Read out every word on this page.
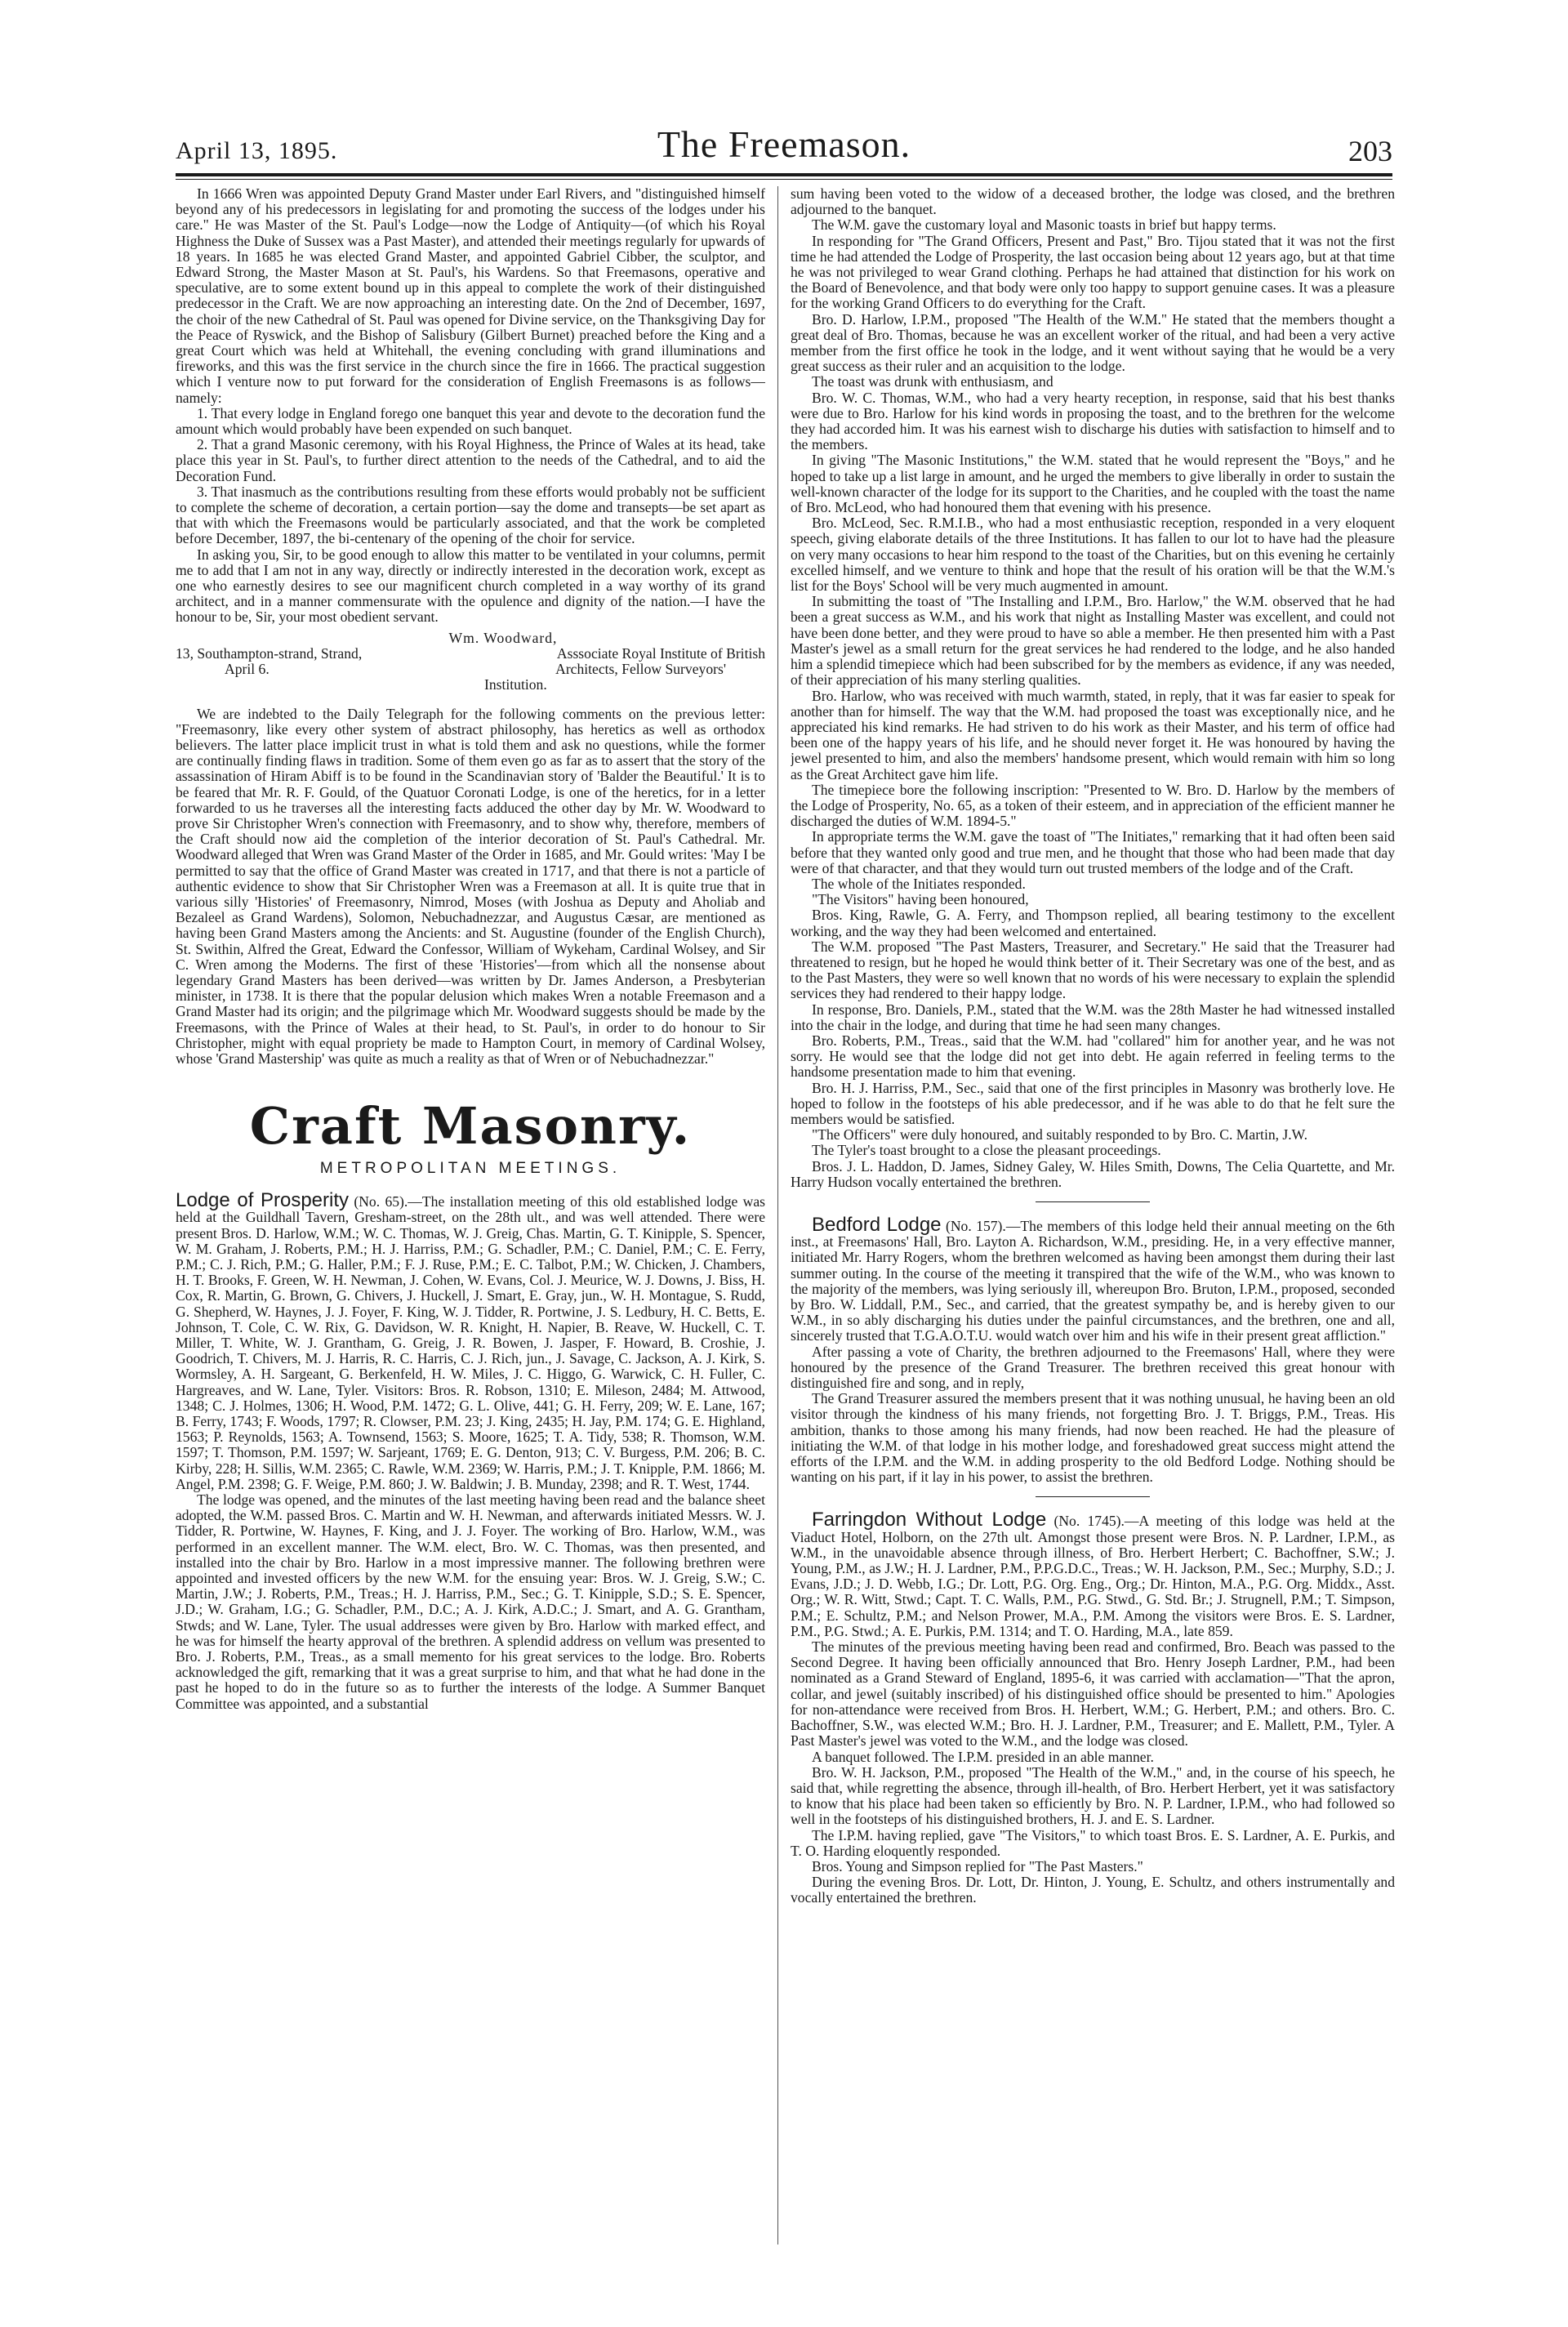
April 13, 1895.	The Freemason.	203

In 1666 Wren was appointed Deputy Grand Master under Earl Rivers, and "distinguished himself beyond any of his predecessors in legislating for and promoting the success of the lodges under his care." He was Master of the St. Paul's Lodge—now the Lodge of Antiquity—(of which his Royal Highness the Duke of Sussex was a Past Master), and attended their meetings regularly for upwards of 18 years. In 1685 he was elected Grand Master, and appointed Gabriel Cibber, the sculptor, and Edward Strong, the Master Mason at St. Paul's, his Wardens. So that Freemasons, operative and speculative, are to some extent bound up in this appeal to complete the work of their distinguished predecessor in the Craft. We are now approaching an interesting date. On the 2nd of December, 1697, the choir of the new Cathedral of St. Paul was opened for Divine service, on the Thanksgiving Day for the Peace of Ryswick, and the Bishop of Salisbury (Gilbert Burnet) preached before the King and a great Court which was held at Whitehall, the evening concluding with grand illuminations and fireworks, and this was the first service in the church since the fire in 1666. The practical suggestion which I venture now to put forward for the consideration of English Freemasons is as follows—namely:

1. That every lodge in England forego one banquet this year and devote to the decoration fund the amount which would probably have been expended on such banquet.

2. That a grand Masonic ceremony, with his Royal Highness, the Prince of Wales at its head, take place this year in St. Paul's, to further direct attention to the needs of the Cathedral, and to aid the Decoration Fund.

3. That inasmuch as the contributions resulting from these efforts would probably not be sufficient to complete the scheme of decoration, a certain portion—say the dome and transepts—be set apart as that with which the Freemasons would be particularly associated, and that the work be completed before December, 1897, the bi-centenary of the opening of the choir for service.

In asking you, Sir, to be good enough to allow this matter to be ventilated in your columns, permit me to add that I am not in any way, directly or indirectly interested in the decoration work, except as one who earnestly desires to see our magnificent church completed in a way worthy of its grand architect, and in a manner commensurate with the opulence and dignity of the nation.—I have the honour to be, Sir, your most obedient servant.

Wm. Woodward,
13, Southampton-strand, Strand,	Asssociate Royal Institute of British
April 6.	Architects, Fellow Surveyors'
Institution.

We are indebted to the Daily Telegraph for the following comments on the previous letter: "Freemasonry, like every other system of abstract philosophy, has heretics as well as orthodox believers. The latter place implicit trust in what is told them and ask no questions, while the former are continually finding flaws in tradition. Some of them even go as far as to assert that the story of the assassination of Hiram Abiff is to be found in the Scandinavian story of 'Balder the Beautiful.' It is to be feared that Mr. R. F. Gould, of the Quatuor Coronati Lodge, is one of the heretics, for in a letter forwarded to us he traverses all the interesting facts adduced the other day by Mr. W. Woodward to prove Sir Christopher Wren's connection with Freemasonry, and to show why, therefore, members of the Craft should now aid the completion of the interior decoration of St. Paul's Cathedral. Mr. Woodward alleged that Wren was Grand Master of the Order in 1685, and Mr. Gould writes: 'May I be permitted to say that the office of Grand Master was created in 1717, and that there is not a particle of authentic evidence to show that Sir Christopher Wren was a Freemason at all. It is quite true that in various silly 'Histories' of Freemasonry, Nimrod, Moses (with Joshua as Deputy and Aholiab and Bezaleel as Grand Wardens), Solomon, Nebuchadnezzar, and Augustus Cæsar, are mentioned as having been Grand Masters among the Ancients: and St. Augustine (founder of the English Church), St. Swithin, Alfred the Great, Edward the Confessor, William of Wykeham, Cardinal Wolsey, and Sir C. Wren among the Moderns. The first of these 'Histories'—from which all the nonsense about legendary Grand Masters has been derived—was written by Dr. James Anderson, a Presbyterian minister, in 1738. It is there that the popular delusion which makes Wren a notable Freemason and a Grand Master had its origin; and the pilgrimage which Mr. Woodward suggests should be made by the Freemasons, with the Prince of Wales at their head, to St. Paul's, in order to do honour to Sir Christopher, might with equal propriety be made to Hampton Court, in memory of Cardinal Wolsey, whose 'Grand Mastership' was quite as much a reality as that of Wren or of Nebuchadnezzar."

Craft Masonry.
METROPOLITAN MEETINGS.

Lodge of Prosperity (No. 65).—The installation meeting of this old established lodge was held at the Guildhall Tavern, Gresham-street, on the 28th ult., and was well attended. There were present Bros. D. Harlow, W.M.; W. C. Thomas, W. J. Greig, Chas. Martin, G. T. Kinipple, S. Spencer, W. M. Graham, J. Roberts, P.M.; H. J. Harriss, P.M.; G. Schadler, P.M.; C. Daniel, P.M.; C. E. Ferry, P.M.; C. J. Rich, P.M.; G. Haller, P.M.; F. J. Ruse, P.M.; E. C. Talbot, P.M.; W. Chicken, J. Chambers, H. T. Brooks, F. Green, W. H. Newman, J. Cohen, W. Evans, Col. J. Meurice, W. J. Downs, J. Biss, H. Cox, R. Martin, G. Brown, G. Chivers, J. Huckell, J. Smart, E. Gray, jun., W. H. Montague, S. Rudd, G. Shepherd, W. Haynes, J. J. Foyer, F. King, W. J. Tidder, R. Portwine, J. S. Ledbury, H. C. Betts, E. Johnson, T. Cole, C. W. Rix, G. Davidson, W. R. Knight, H. Napier, B. Reave, W. Huckell, C. T. Miller, T. White, W. J. Grantham, G. Greig, J. R. Bowen, J. Jasper, F. Howard, B. Croshie, J. Goodrich, T. Chivers, M. J. Harris, R. C. Harris, C. J. Rich, jun., J. Savage, C. Jackson, A. J. Kirk, S. Wormsley, A. H. Sargeant, G. Berkenfeld, H. W. Miles, J. C. Higgo, G. Warwick, C. H. Fuller, C. Hargreaves, and W. Lane, Tyler. Visitors: Bros. R. Robson, 1310; E. Mileson, 2484; M. Attwood, 1348; C. J. Holmes, 1306; H. Wood, P.M. 1472; G. L. Olive, 441; G. H. Ferry, 209; W. E. Lane, 167; B. Ferry, 1743; F. Woods, 1797; R. Clowser, P.M. 23; J. King, 2435; H. Jay, P.M. 174; G. E. Highland, 1563; P. Reynolds, 1563; A. Townsend, 1563; S. Moore, 1625; T. A. Tidy, 538; R. Thomson, W.M. 1597; T. Thomson, P.M. 1597; W. Sarjeant, 1769; E. G. Denton, 913; C. V. Burgess, P.M. 206; B. C. Kirby, 228; H. Sillis, W.M. 2365; C. Rawle, W.M. 2369; W. Harris, P.M.; J. T. Knipple, P.M. 1866; M. Angel, P.M. 2398; G. F. Weige, P.M. 860; J. W. Baldwin; J. B. Munday, 2398; and R. T. West, 1744.

The lodge was opened, and the minutes of the last meeting having been read and the balance sheet adopted, the W.M. passed Bros. C. Martin and W. H. Newman, and afterwards initiated Messrs. W. J. Tidder, R. Portwine, W. Haynes, F. King, and J. J. Foyer. The working of Bro. Harlow, W.M., was performed in an excellent manner. The W.M. elect, Bro. W. C. Thomas, was then presented, and installed into the chair by Bro. Harlow in a most impressive manner. The following brethren were appointed and invested officers by the new W.M. for the ensuing year: Bros. W. J. Greig, S.W.; C. Martin, J.W.; J. Roberts, P.M., Treas.; H. J. Harriss, P.M., Sec.; G. T. Kinipple, S.D.; S. E. Spencer, J.D.; W. Graham, I.G.; G. Schadler, P.M., D.C.; A. J. Kirk, A.D.C.; J. Smart, and A. G. Grantham, Stwds; and W. Lane, Tyler. The usual addresses were given by Bro. Harlow with marked effect, and he was for himself the hearty approval of the brethren. A splendid address on vellum was presented to Bro. J. Roberts, P.M., Treas., as a small memento for his great services to the lodge. Bro. Roberts acknowledged the gift, remarking that it was a great surprise to him, and that what he had done in the past he hoped to do in the future so as to further the interests of the lodge. A Summer Banquet Committee was appointed, and a substantial

sum having been voted to the widow of a deceased brother, the lodge was closed, and the brethren adjourned to the banquet.

The W.M. gave the customary loyal and Masonic toasts in brief but happy terms.

In responding for "The Grand Officers, Present and Past," Bro. Tijou stated that it was not the first time he had attended the Lodge of Prosperity, the last occasion being about 12 years ago, but at that time he was not privileged to wear Grand clothing. Perhaps he had attained that distinction for his work on the Board of Benevolence, and that body were only too happy to support genuine cases. It was a pleasure for the working Grand Officers to do everything for the Craft.

Bro. D. Harlow, I.P.M., proposed "The Health of the W.M." He stated that the members thought a great deal of Bro. Thomas, because he was an excellent worker of the ritual, and had been a very active member from the first office he took in the lodge, and it went without saying that he would be a very great success as their ruler and an acquisition to the lodge.

The toast was drunk with enthusiasm, and

Bro. W. C. Thomas, W.M., who had a very hearty reception, in response, said that his best thanks were due to Bro. Harlow for his kind words in proposing the toast, and to the brethren for the welcome they had accorded him. It was his earnest wish to discharge his duties with satisfaction to himself and to the members.

In giving "The Masonic Institutions," the W.M. stated that he would represent the "Boys," and he hoped to take up a list large in amount, and he urged the members to give liberally in order to sustain the well-known character of the lodge for its support to the Charities, and he coupled with the toast the name of Bro. McLeod, who had honoured them that evening with his presence.

Bro. McLeod, Sec. R.M.I.B., who had a most enthusiastic reception, responded in a very eloquent speech, giving elaborate details of the three Institutions. It has fallen to our lot to have had the pleasure on very many occasions to hear him respond to the toast of the Charities, but on this evening he certainly excelled himself, and we venture to think and hope that the result of his oration will be that the W.M.'s list for the Boys' School will be very much augmented in amount.

In submitting the toast of "The Installing and I.P.M., Bro. Harlow," the W.M. observed that he had been a great success as W.M., and his work that night as Installing Master was excellent, and could not have been done better, and they were proud to have so able a member. He then presented him with a Past Master's jewel as a small return for the great services he had rendered to the lodge, and he also handed him a splendid timepiece which had been subscribed for by the members as evidence, if any was needed, of their appreciation of his many sterling qualities.

Bro. Harlow, who was received with much warmth, stated, in reply, that it was far easier to speak for another than for himself. The way that the W.M. had proposed the toast was exceptionally nice, and he appreciated his kind remarks. He had striven to do his work as their Master, and his term of office had been one of the happy years of his life, and he should never forget it. He was honoured by having the jewel presented to him, and also the members' handsome present, which would remain with him so long as the Great Architect gave him life.

The timepiece bore the following inscription: "Presented to W. Bro. D. Harlow by the members of the Lodge of Prosperity, No. 65, as a token of their esteem, and in appreciation of the efficient manner he discharged the duties of W.M. 1894-5."

In appropriate terms the W.M. gave the toast of "The Initiates," remarking that it had often been said before that they wanted only good and true men, and he thought that those who had been made that day were of that character, and that they would turn out trusted members of the lodge and of the Craft.

The whole of the Initiates responded.

"The Visitors" having been honoured,

Bros. King, Rawle, G. A. Ferry, and Thompson replied, all bearing testimony to the excellent working, and the way they had been welcomed and entertained.

The W.M. proposed "The Past Masters, Treasurer, and Secretary." He said that the Treasurer had threatened to resign, but he hoped he would think better of it. Their Secretary was one of the best, and as to the Past Masters, they were so well known that no words of his were necessary to explain the splendid services they had rendered to their happy lodge.

In response, Bro. Daniels, P.M., stated that the W.M. was the 28th Master he had witnessed installed into the chair in the lodge, and during that time he had seen many changes.

Bro. Roberts, P.M., Treas., said that the W.M. had "collared" him for another year, and he was not sorry. He would see that the lodge did not get into debt. He again referred in feeling terms to the handsome presentation made to him that evening.

Bro. H. J. Harriss, P.M., Sec., said that one of the first principles in Masonry was brotherly love. He hoped to follow in the footsteps of his able predecessor, and if he was able to do that he felt sure the members would be satisfied.

"The Officers" were duly honoured, and suitably responded to by Bro. C. Martin, J.W.

The Tyler's toast brought to a close the pleasant proceedings.

Bros. J. L. Haddon, D. James, Sidney Galey, W. Hiles Smith, Downs, The Celia Quartette, and Mr. Harry Hudson vocally entertained the brethren.

Bedford Lodge (No. 157).—The members of this lodge held their annual meeting on the 6th inst., at Freemasons' Hall, Bro. Layton A. Richardson, W.M., presiding. He, in a very effective manner, initiated Mr. Harry Rogers, whom the brethren welcomed as having been amongst them during their last summer outing. In the course of the meeting it transpired that the wife of the W.M., who was known to the majority of the members, was lying seriously ill, whereupon Bro. Bruton, I.P.M., proposed, seconded by Bro. W. Liddall, P.M., Sec., and carried, that the greatest sympathy be, and is hereby given to our W.M., in so ably discharging his duties under the painful circumstances, and the brethren, one and all, sincerely trusted that T.G.A.O.T.U. would watch over him and his wife in their present great affliction."

After passing a vote of Charity, the brethren adjourned to the Freemasons' Hall, where they were honoured by the presence of the Grand Treasurer. The brethren received this great honour with distinguished fire and song, and in reply,

The Grand Treasurer assured the members present that it was nothing unusual, he having been an old visitor through the kindness of his many friends, not forgetting Bro. J. T. Briggs, P.M., Treas. His ambition, thanks to those among his many friends, had now been reached. He had the pleasure of initiating the W.M. of that lodge in his mother lodge, and foreshadowed great success might attend the efforts of the I.P.M. and the W.M. in adding prosperity to the old Bedford Lodge. Nothing should be wanting on his part, if it lay in his power, to assist the brethren.

Farringdon Without Lodge (No. 1745).—A meeting of this lodge was held at the Viaduct Hotel, Holborn, on the 27th ult. Amongst those present were Bros. N. P. Lardner, I.P.M., as W.M., in the unavoidable absence through illness, of Bro. Herbert Herbert; C. Bachoffner, S.W.; J. Young, P.M., as J.W.; H. J. Lardner, P.M., P.P.G.D.C., Treas.; W. H. Jackson, P.M., Sec.; Murphy, S.D.; J. Evans, J.D.; J. D. Webb, I.G.; Dr. Lott, P.G. Org. Eng., Org.; Dr. Hinton, M.A., P.G. Org. Middx., Asst. Org.; W. R. Witt, Stwd.; Capt. T. C. Walls, P.M., P.G. Stwd., G. Std. Br.; J. Strugnell, P.M.; T. Simpson, P.M.; E. Schultz, P.M.; and Nelson Prower, M.A., P.M. Among the visitors were Bros. E. S. Lardner, P.M., P.G. Stwd.; A. E. Purkis, P.M. 1314; and T. O. Harding, M.A., late 859.

The minutes of the previous meeting having been read and confirmed, Bro. Beach was passed to the Second Degree. It having been officially announced that Bro. Henry Joseph Lardner, P.M., had been nominated as a Grand Steward of England, 1895-6, it was carried with acclamation—"That the apron, collar, and jewel (suitably inscribed) of his distinguished office should be presented to him." Apologies for non-attendance were received from Bros. H. Herbert, W.M.; G. Herbert, P.M.; and others. Bro. C. Bachoffner, S.W., was elected W.M.; Bro. H. J. Lardner, P.M., Treasurer; and E. Mallett, P.M., Tyler. A Past Master's jewel was voted to the W.M., and the lodge was closed.

A banquet followed. The I.P.M. presided in an able manner.

Bro. W. H. Jackson, P.M., proposed "The Health of the W.M.," and, in the course of his speech, he said that, while regretting the absence, through ill-health, of Bro. Herbert Herbert, yet it was satisfactory to know that his place had been taken so efficiently by Bro. N. P. Lardner, I.P.M., who had followed so well in the footsteps of his distinguished brothers, H. J. and E. S. Lardner.

The I.P.M. having replied, gave "The Visitors," to which toast Bros. E. S. Lardner, A. E. Purkis, and T. O. Harding eloquently responded.

Bros. Young and Simpson replied for "The Past Masters."

During the evening Bros. Dr. Lott, Dr. Hinton, J. Young, E. Schultz, and others instrumentally and vocally entertained the brethren.
